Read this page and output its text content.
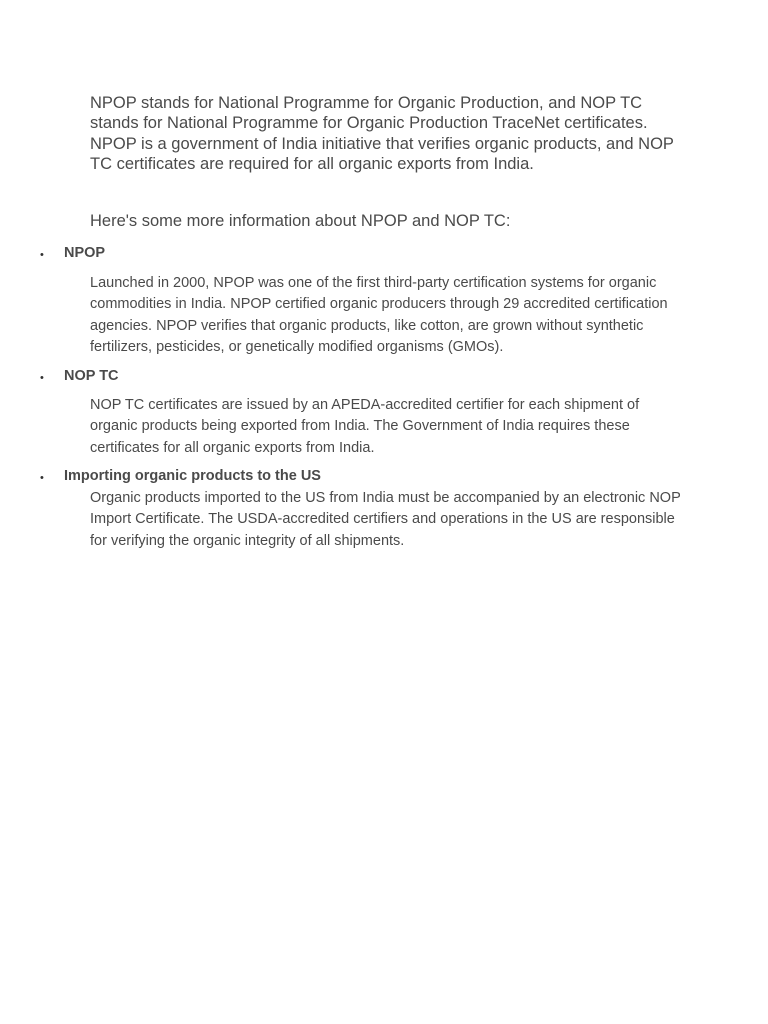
NPOP stands for National Programme for Organic Production, and NOP TC stands for National Programme for Organic Production TraceNet certificates. NPOP is a government of India initiative that verifies organic products, and NOP TC certificates are required for all organic exports from India.

Here's some more information about NPOP and NOP TC:

• NPOP

Launched in 2000, NPOP was one of the first third-party certification systems for organic commodities in India. NPOP certified organic producers through 29 accredited certification agencies. NPOP verifies that organic products, like cotton, are grown without synthetic fertilizers, pesticides, or genetically modified organisms (GMOs).

• NOP TC

NOP TC certificates are issued by an APEDA-accredited certifier for each shipment of organic products being exported from India. The Government of India requires these certificates for all organic exports from India.

• Importing organic products to the US

Organic products imported to the US from India must be accompanied by an electronic NOP Import Certificate. The USDA-accredited certifiers and operations in the US are responsible for verifying the organic integrity of all shipments.
